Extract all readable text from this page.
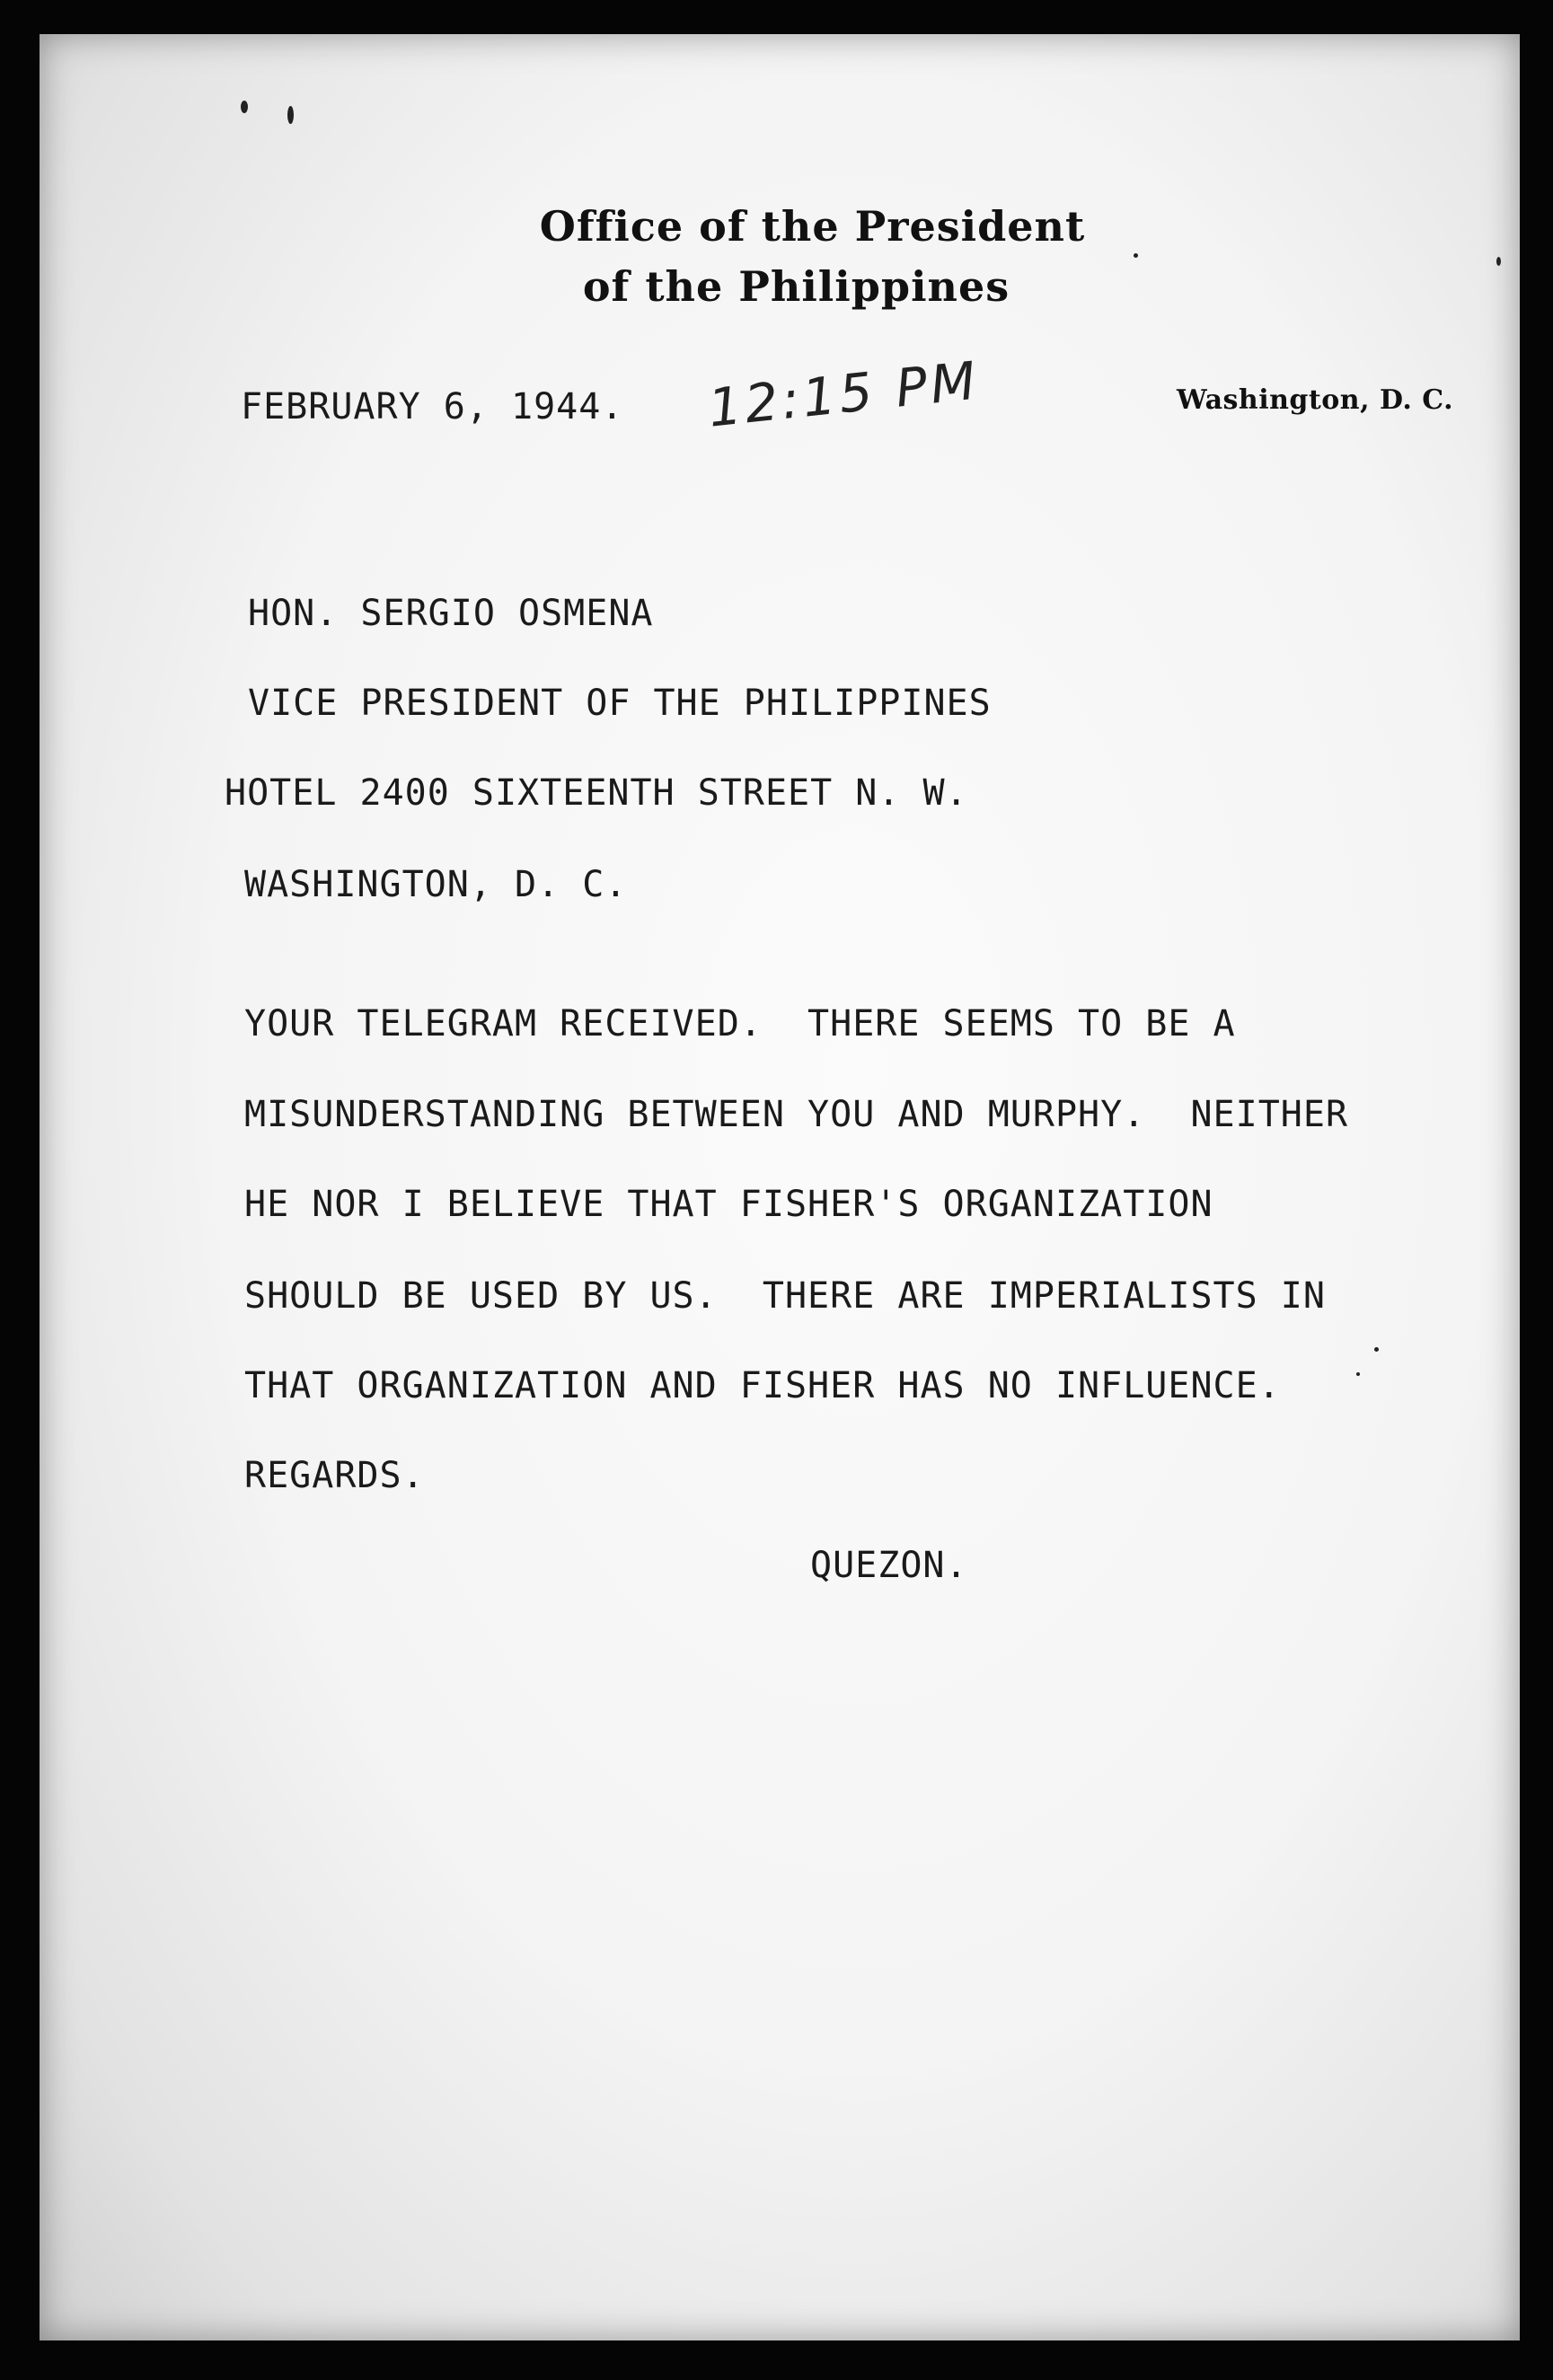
Office of the President
of the Philippines
FEBRUARY 6, 1944. 12:15 PM	Washington, D. C.
HON. SERGIO OSMENA
VICE PRESIDENT OF THE PHILIPPINES
HOTEL 2400 SIXTEENTH STREET N. W.
WASHINGTON, D. C.
YOUR TELEGRAM RECEIVED.  THERE SEEMS TO BE A
MISUNDERSTANDING BETWEEN YOU AND MURPHY.  NEITHER
HE NOR I BELIEVE THAT FISHER'S ORGANIZATION
SHOULD BE USED BY US.  THERE ARE IMPERIALISTS IN
THAT ORGANIZATION AND FISHER HAS NO INFLUENCE.
REGARDS.
QUEZON.
